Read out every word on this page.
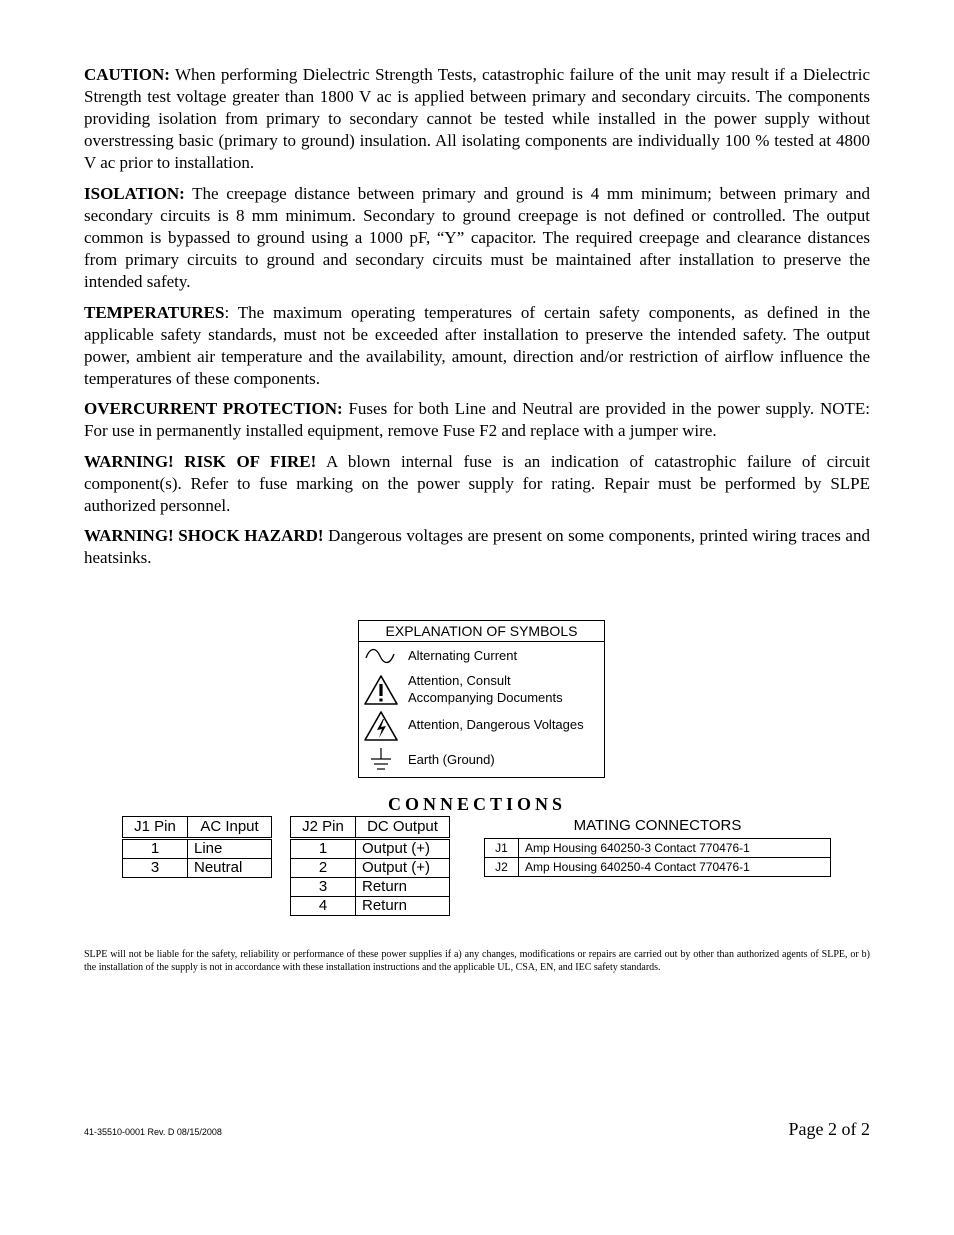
CAUTION: When performing Dielectric Strength Tests, catastrophic failure of the unit may result if a Dielectric Strength test voltage greater than 1800 V ac is applied between primary and secondary circuits. The components providing isolation from primary to secondary cannot be tested while installed in the power supply without overstressing basic (primary to ground) insulation. All isolating components are individually 100 % tested at 4800 V ac prior to installation.

ISOLATION: The creepage distance between primary and ground is 4 mm minimum; between primary and secondary circuits is 8 mm minimum. Secondary to ground creepage is not defined or controlled. The output common is bypassed to ground using a 1000 pF, “Y” capacitor. The required creepage and clearance distances from primary circuits to ground and secondary circuits must be maintained after installation to preserve the intended safety.

TEMPERATURES: The maximum operating temperatures of certain safety components, as defined in the applicable safety standards, must not be exceeded after installation to preserve the intended safety. The output power, ambient air temperature and the availability, amount, direction and/or restriction of airflow influence the temperatures of these components.

OVERCURRENT PROTECTION: Fuses for both Line and Neutral are provided in the power supply. NOTE: For use in permanently installed equipment, remove Fuse F2 and replace with a jumper wire.

WARNING! RISK OF FIRE! A blown internal fuse is an indication of catastrophic failure of circuit component(s). Refer to fuse marking on the power supply for rating. Repair must be performed by SLPE authorized personnel.

WARNING! SHOCK HAZARD! Dangerous voltages are present on some components, printed wiring traces and heatsinks.

EXPLANATION OF SYMBOLS
Alternating Current
Attention, Consult
Accompanying Documents
Attention, Dangerous Voltages
Earth (Ground)
CONNECTIONS
J1 Pin	AC Input
1	Line
3	Neutral
J2 Pin	DC Output
1	Output (+)
2	Output (+)
3	Return
4	Return
MATING CONNECTORS
J1	Amp Housing 640250-3 Contact 770476-1
J2	Amp Housing 640250-4 Contact 770476-1
SLPE will not be liable for the safety, reliability or performance of these power supplies if a) any changes, modifications or repairs are carried out by other than authorized agents of SLPE, or b) the installation of the supply is not in accordance with these installation instructions and the applicable UL, CSA, EN, and IEC safety standards.
41-35510-0001 Rev. D 08/15/2008	Page 2 of 2
